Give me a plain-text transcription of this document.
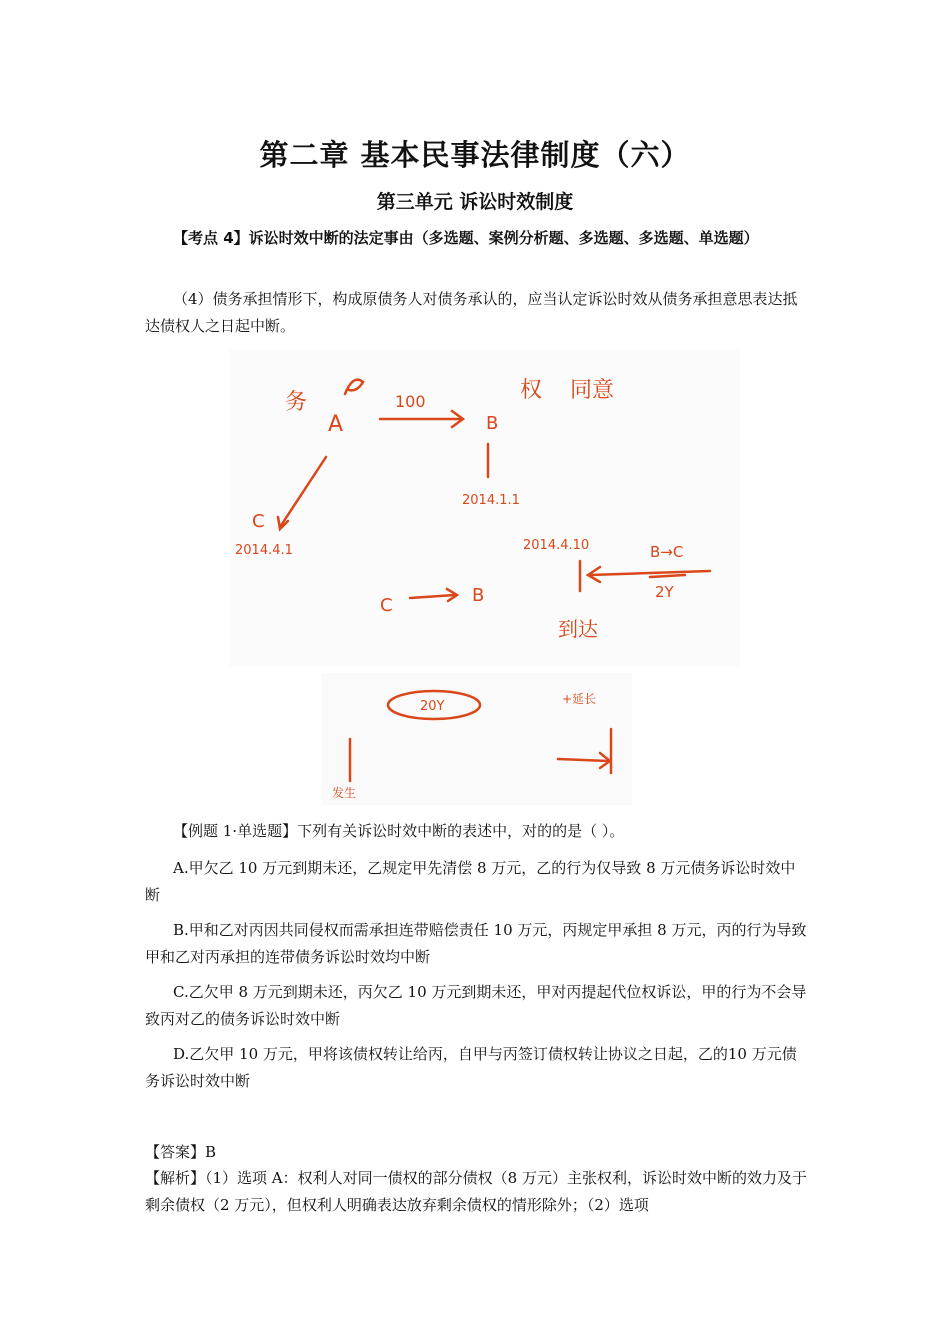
第二章 基本民事法律制度（六）
第三单元 诉讼时效制度
【考点 4】诉讼时效中断的法定事由（多选题、案例分析题、多选题、多选题、单选题）
（4）债务承担情形下，构成原债务人对债务承认的，应当认定诉讼时效从债务承担意思表达抵达债权人之日起中断。
务
A
100
B
权 同意
2014.1.1
C
2014.4.1	2014.4.10	B→C
2Y
C	B
到达
20Y	+延长
发生
【例题 1·单选题】下列有关诉讼时效中断的表述中，对的的是（ ）。
A.甲欠乙 10 万元到期未还，乙规定甲先清偿 8 万元，乙的行为仅导致 8 万元债务诉讼时效中断
B.甲和乙对丙因共同侵权而需承担连带赔偿责任 10 万元，丙规定甲承担 8 万元，丙的行为导致甲和乙对丙承担的连带债务诉讼时效均中断
C.乙欠甲 8 万元到期未还，丙欠乙 10 万元到期未还，甲对丙提起代位权诉讼，甲的行为不会导致丙对乙的债务诉讼时效中断
D.乙欠甲 10 万元，甲将该债权转让给丙，自甲与丙签订债权转让协议之日起，乙的10 万元债务诉讼时效中断
【答案】B
【解析】（1）选项 A：权利人对同一债权的部分债权（8 万元）主张权利，诉讼时效中断的效力及于剩余债权（2 万元），但权利人明确表达放弃剩余债权的情形除外；（2）选项
